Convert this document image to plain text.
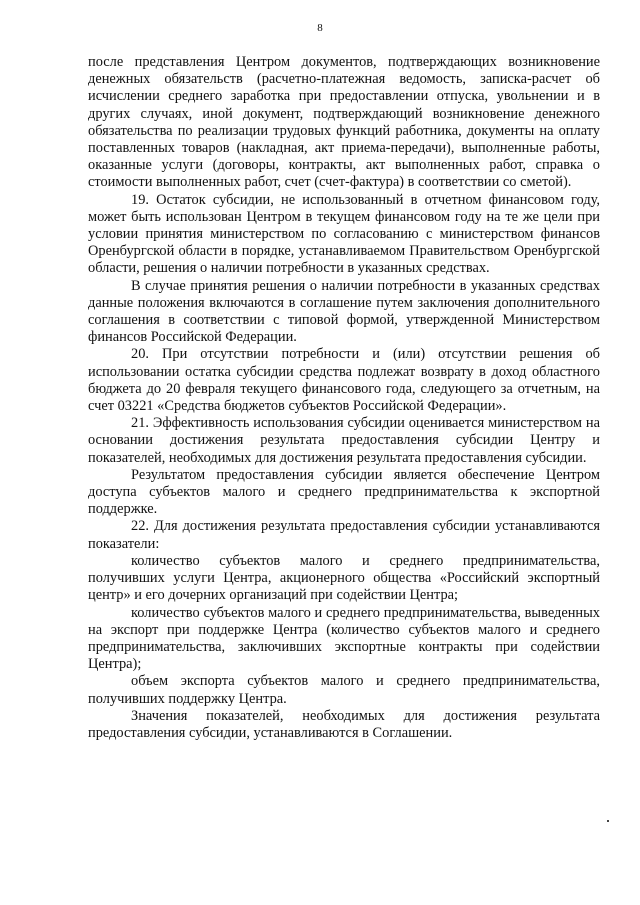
8

после представления Центром документов, подтверждающих возникновение денежных обязательств (расчетно-платежная ведомость, записка-расчет об исчислении среднего заработка при предоставлении отпуска, увольнении и в других случаях, иной документ, подтверждающий возникновение денежного обязательства по реализации трудовых функций работника, документы на оплату поставленных товаров (накладная, акт приема-передачи), выполненные работы, оказанные услуги (договоры, контракты, акт выполненных работ, справка о стоимости выполненных работ, счет (счет-фактура) в соответствии со сметой).

19. Остаток субсидии, не использованный в отчетном финансовом году, может быть использован Центром в текущем финансовом году на те же цели при условии принятия министерством по согласованию с министерством финансов Оренбургской области в порядке, устанавливаемом Правительством Оренбургской области, решения о наличии потребности в указанных средствах.

В случае принятия решения о наличии потребности в указанных средствах данные положения включаются в соглашение путем заключения дополнительного соглашения в соответствии с типовой формой, утвержденной Министерством финансов Российской Федерации.

20. При отсутствии потребности и (или) отсутствии решения об использовании остатка субсидии средства подлежат возврату в доход областного бюджета до 20 февраля текущего финансового года, следующего за отчетным, на счет 03221 «Средства бюджетов субъектов Российской Федерации».

21. Эффективность использования субсидии оценивается министерством на основании достижения результата предоставления субсидии Центру и показателей, необходимых для достижения результата предоставления субсидии.

Результатом предоставления субсидии является обеспечение Центром доступа субъектов малого и среднего предпринимательства к экспортной поддержке.

22. Для достижения результата предоставления субсидии устанавливаются показатели:

количество субъектов малого и среднего предпринимательства, получивших услуги Центра, акционерного общества «Российский экспортный центр» и его дочерних организаций при содействии Центра;

количество субъектов малого и среднего предпринимательства, выведенных на экспорт при поддержке Центра (количество субъектов малого и среднего предпринимательства, заключивших экспортные контракты при содействии Центра);

объем экспорта субъектов малого и среднего предпринимательства, получивших поддержку Центра.

Значения показателей, необходимых для достижения результата предоставления субсидии, устанавливаются в Соглашении.
